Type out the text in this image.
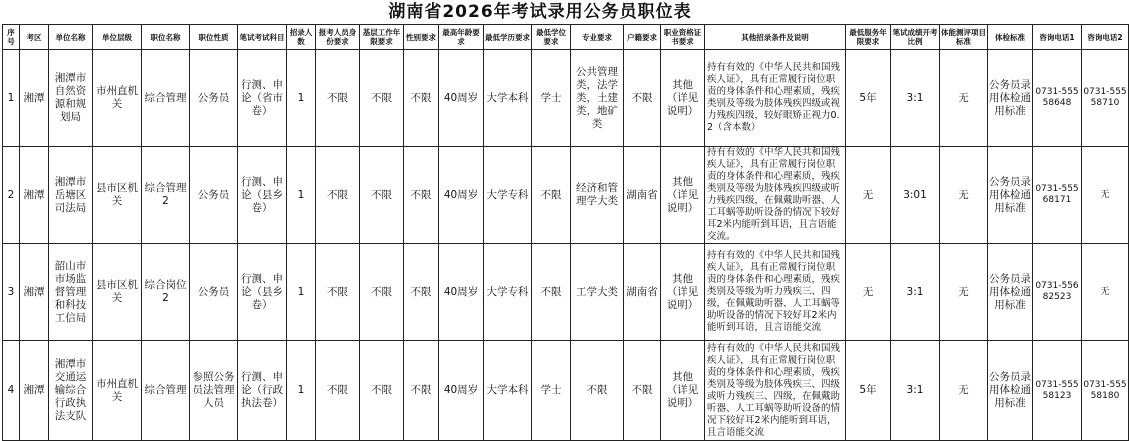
湖南省2026年考试录用公务员职位表
序号	考区	单位名称	单位层级	职位名称	职位性质	笔试考试科目	招录人数	报考人员身份要求	基层工作年限要求	性别要求	最高年龄要求	最低学历要求	最低学位要求	专业要求	户籍要求	职业资格证书要求	其他招录条件及说明	最低服务年限要求	笔试成绩开考比例	体能测评项目标准	体检标准	咨询电话1	咨询电话2
1	湘潭	湘潭市自然资源和规划局	市州直机关	综合管理	公务员	行测、申论（省市卷）	1	不限	不限	不限	40周岁	大学本科	学士	公共管理类，法学类，土建类，地矿类	不限	其他（详见说明）	持有有效的《中华人民共和国残疾人证》，具有正常履行岗位职责的身体条件和心理素质，残疾类别及等级为肢体残疾四级或视力残疾四级，较好眼矫正视力0.2（含本数）	5年	3:1	无	公务员录用体检通用标准	0731-55558648	0731-55558710
2	湘潭	湘潭市岳塘区司法局	县市区机关	综合管理2	公务员	行测、申论（县乡卷）	1	不限	不限	不限	40周岁	大学专科	不限	经济和管理学大类	湖南省	其他（详见说明）	持有有效的《中华人民共和国残疾人证》，具有正常履行岗位职责的身体条件和心理素质，残疾类别及等级为肢体残疾四级或听力残疾四级，在佩戴助听器、人工耳蜗等助听设备的情况下较好耳2米内能听到耳语，且言语能交流。	无	3:01	无	公务员录用体检通用标准	0731-55568171	无
3	湘潭	韶山市市场监督管理和科技工信局	县市区机关	综合岗位2	公务员	行测、申论（县乡卷）	1	不限	不限	不限	40周岁	大学专科	不限	工学大类	湖南省	其他（详见说明）	持有有效的《中华人民共和国残疾人证》，具有正常履行岗位职责的身体条件和心理素质，残疾类别及等级为听力残疾三、四级，在佩戴助听器、人工耳蜗等助听设备的情况下较好耳2米内能听到耳语，且言语能交流	无	3:1	无	公务员录用体检通用标准	0731-55682523	无
4	湘潭	湘潭市交通运输综合行政执法支队	市州直机关	综合管理	参照公务员法管理人员	行测、申论（行政执法卷）	1	不限	不限	不限	40周岁	大学本科	学士	不限	不限	其他（详见说明）	持有有效的《中华人民共和国残疾人证》，具有正常履行岗位职责的身体条件和心理素质，残疾类别及等级为肢体残疾三、四级或听力残疾三、四级，在佩戴助听器、人工耳蜗等助听设备的情况下较好耳2米内能听到耳语，且言语能交流	5年	3:1	无	公务员录用体检通用标准	0731-55558123	0731-55558180
